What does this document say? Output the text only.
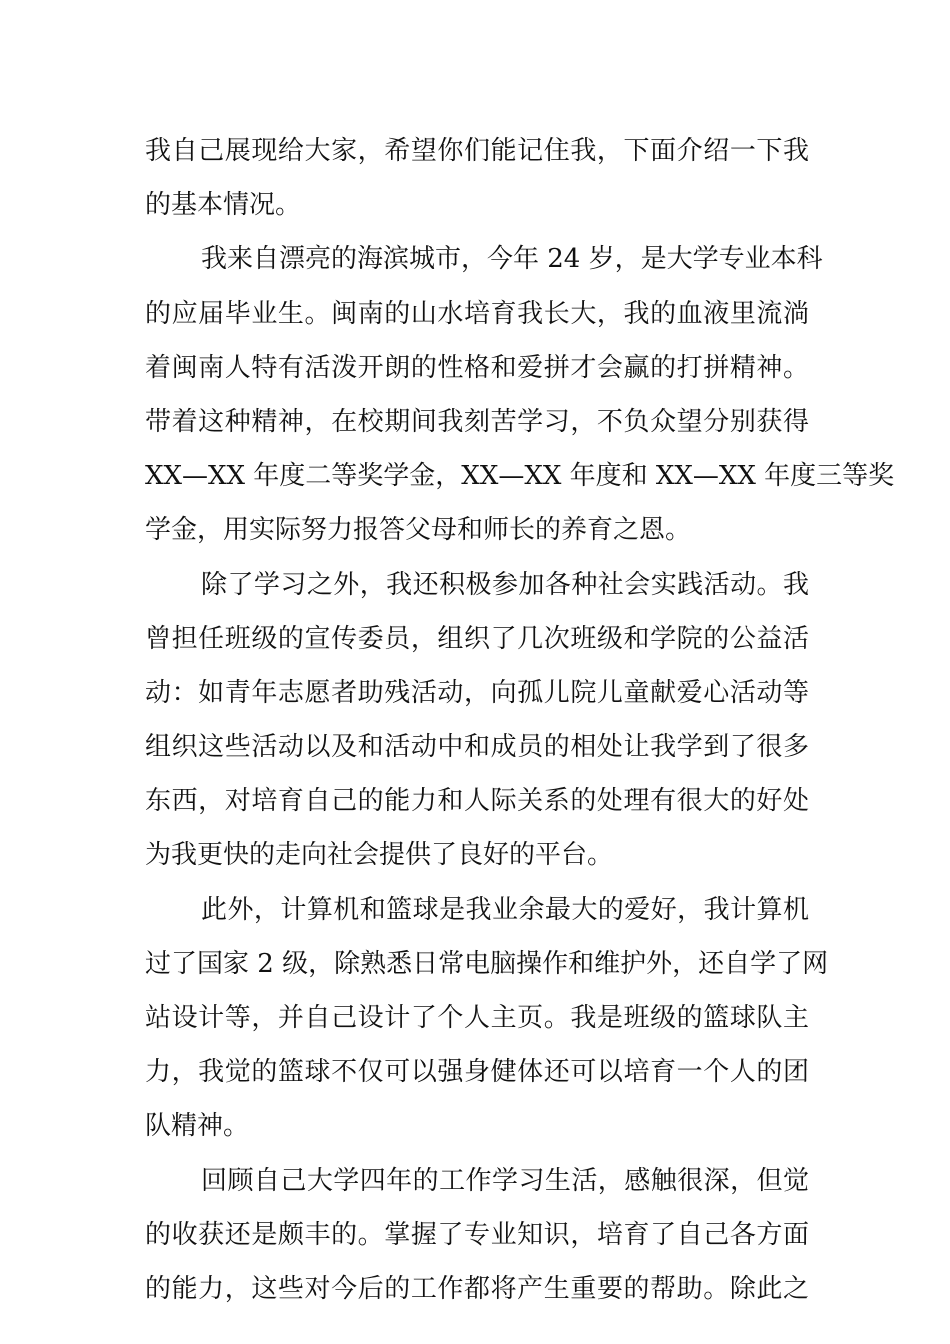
我自己展现给大家，希望你们能记住我，下面介绍一下我
的基本情况。
我来自漂亮的海滨城市，今年 24 岁，是大学专业本科
的应届毕业生。闽南的山水培育我长大，我的血液里流淌
着闽南人特有活泼开朗的性格和爱拼才会赢的打拼精神。
带着这种精神，在校期间我刻苦学习，不负众望分别获得
XX—XX 年度二等奖学金，XX—XX 年度和 XX—XX 年度三等奖
学金，用实际努力报答父母和师长的养育之恩。
除了学习之外，我还积极参加各种社会实践活动。我
曾担任班级的宣传委员，组织了几次班级和学院的公益活
动：如青年志愿者助残活动，向孤儿院儿童献爱心活动等
组织这些活动以及和活动中和成员的相处让我学到了很多
东西，对培育自己的能力和人际关系的处理有很大的好处
为我更快的走向社会提供了良好的平台。
此外，计算机和篮球是我业余最大的爱好，我计算机
过了国家 2 级，除熟悉日常电脑操作和维护外，还自学了网
站设计等，并自己设计了个人主页。我是班级的篮球队主
力，我觉的篮球不仅可以强身健体还可以培育一个人的团
队精神。
回顾自己大学四年的工作学习生活，感触很深，但觉
的收获还是颇丰的。掌握了专业知识，培育了自己各方面
的能力，这些对今后的工作都将产生重要的帮助。除此之
